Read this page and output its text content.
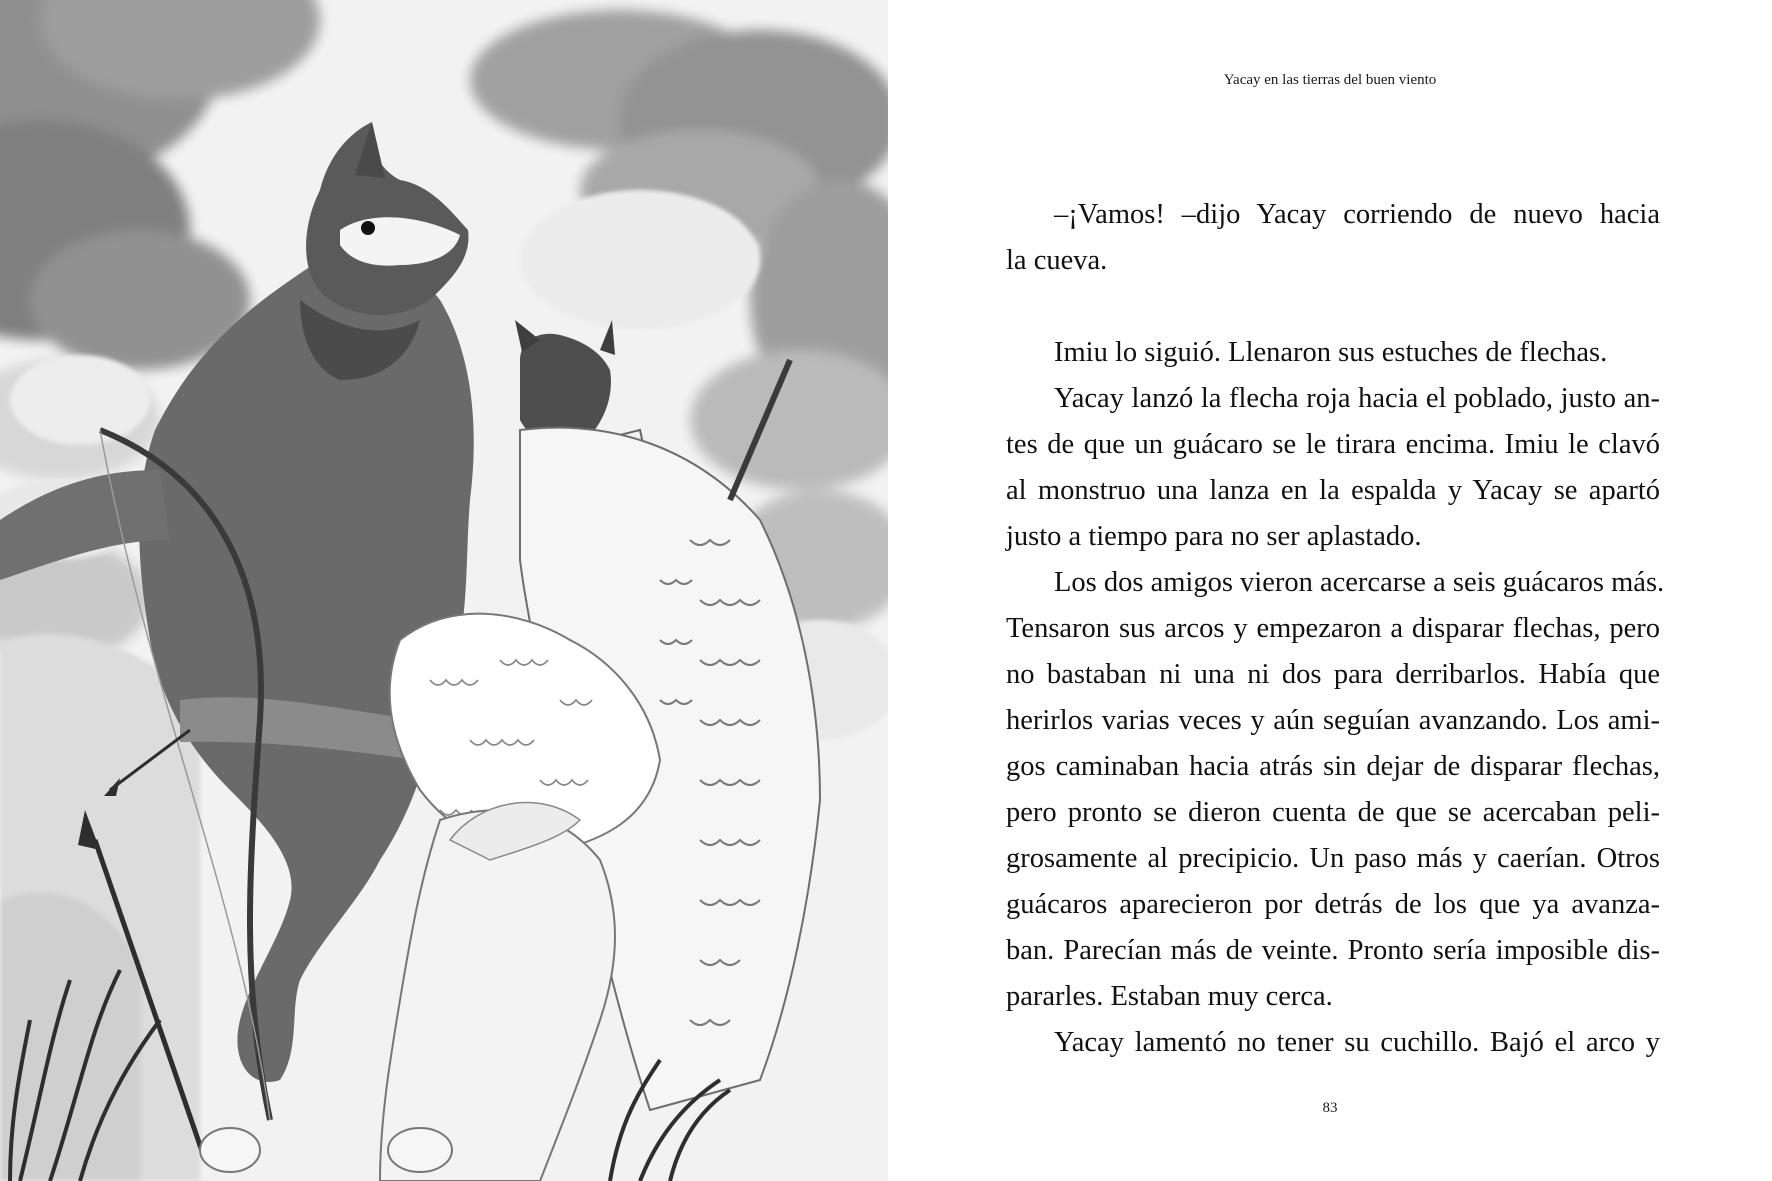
Yacay en las tierras del buen viento
–¡Vamos! –dijo Yacay corriendo de nuevo hacia
la cueva.

Imiu lo siguió. Llenaron sus estuches de flechas.
Yacay lanzó la flecha roja hacia el poblado, justo an-
tes de que un guácaro se le tirara encima. Imiu le clavó
al monstruo una lanza en la espalda y Yacay se apartó
justo a tiempo para no ser aplastado.
Los dos amigos vieron acercarse a seis guácaros más.
Tensaron sus arcos y empezaron a disparar flechas, pero
no bastaban ni una ni dos para derribarlos. Había que
herirlos varias veces y aún seguían avanzando. Los ami-
gos caminaban hacia atrás sin dejar de disparar flechas,
pero pronto se dieron cuenta de que se acercaban peli-
grosamente al precipicio. Un paso más y caerían. Otros
guácaros aparecieron por detrás de los que ya avanza-
ban. Parecían más de veinte. Pronto sería imposible dis-
pararles. Estaban muy cerca.
Yacay lamentó no tener su cuchillo. Bajó el arco y
83
